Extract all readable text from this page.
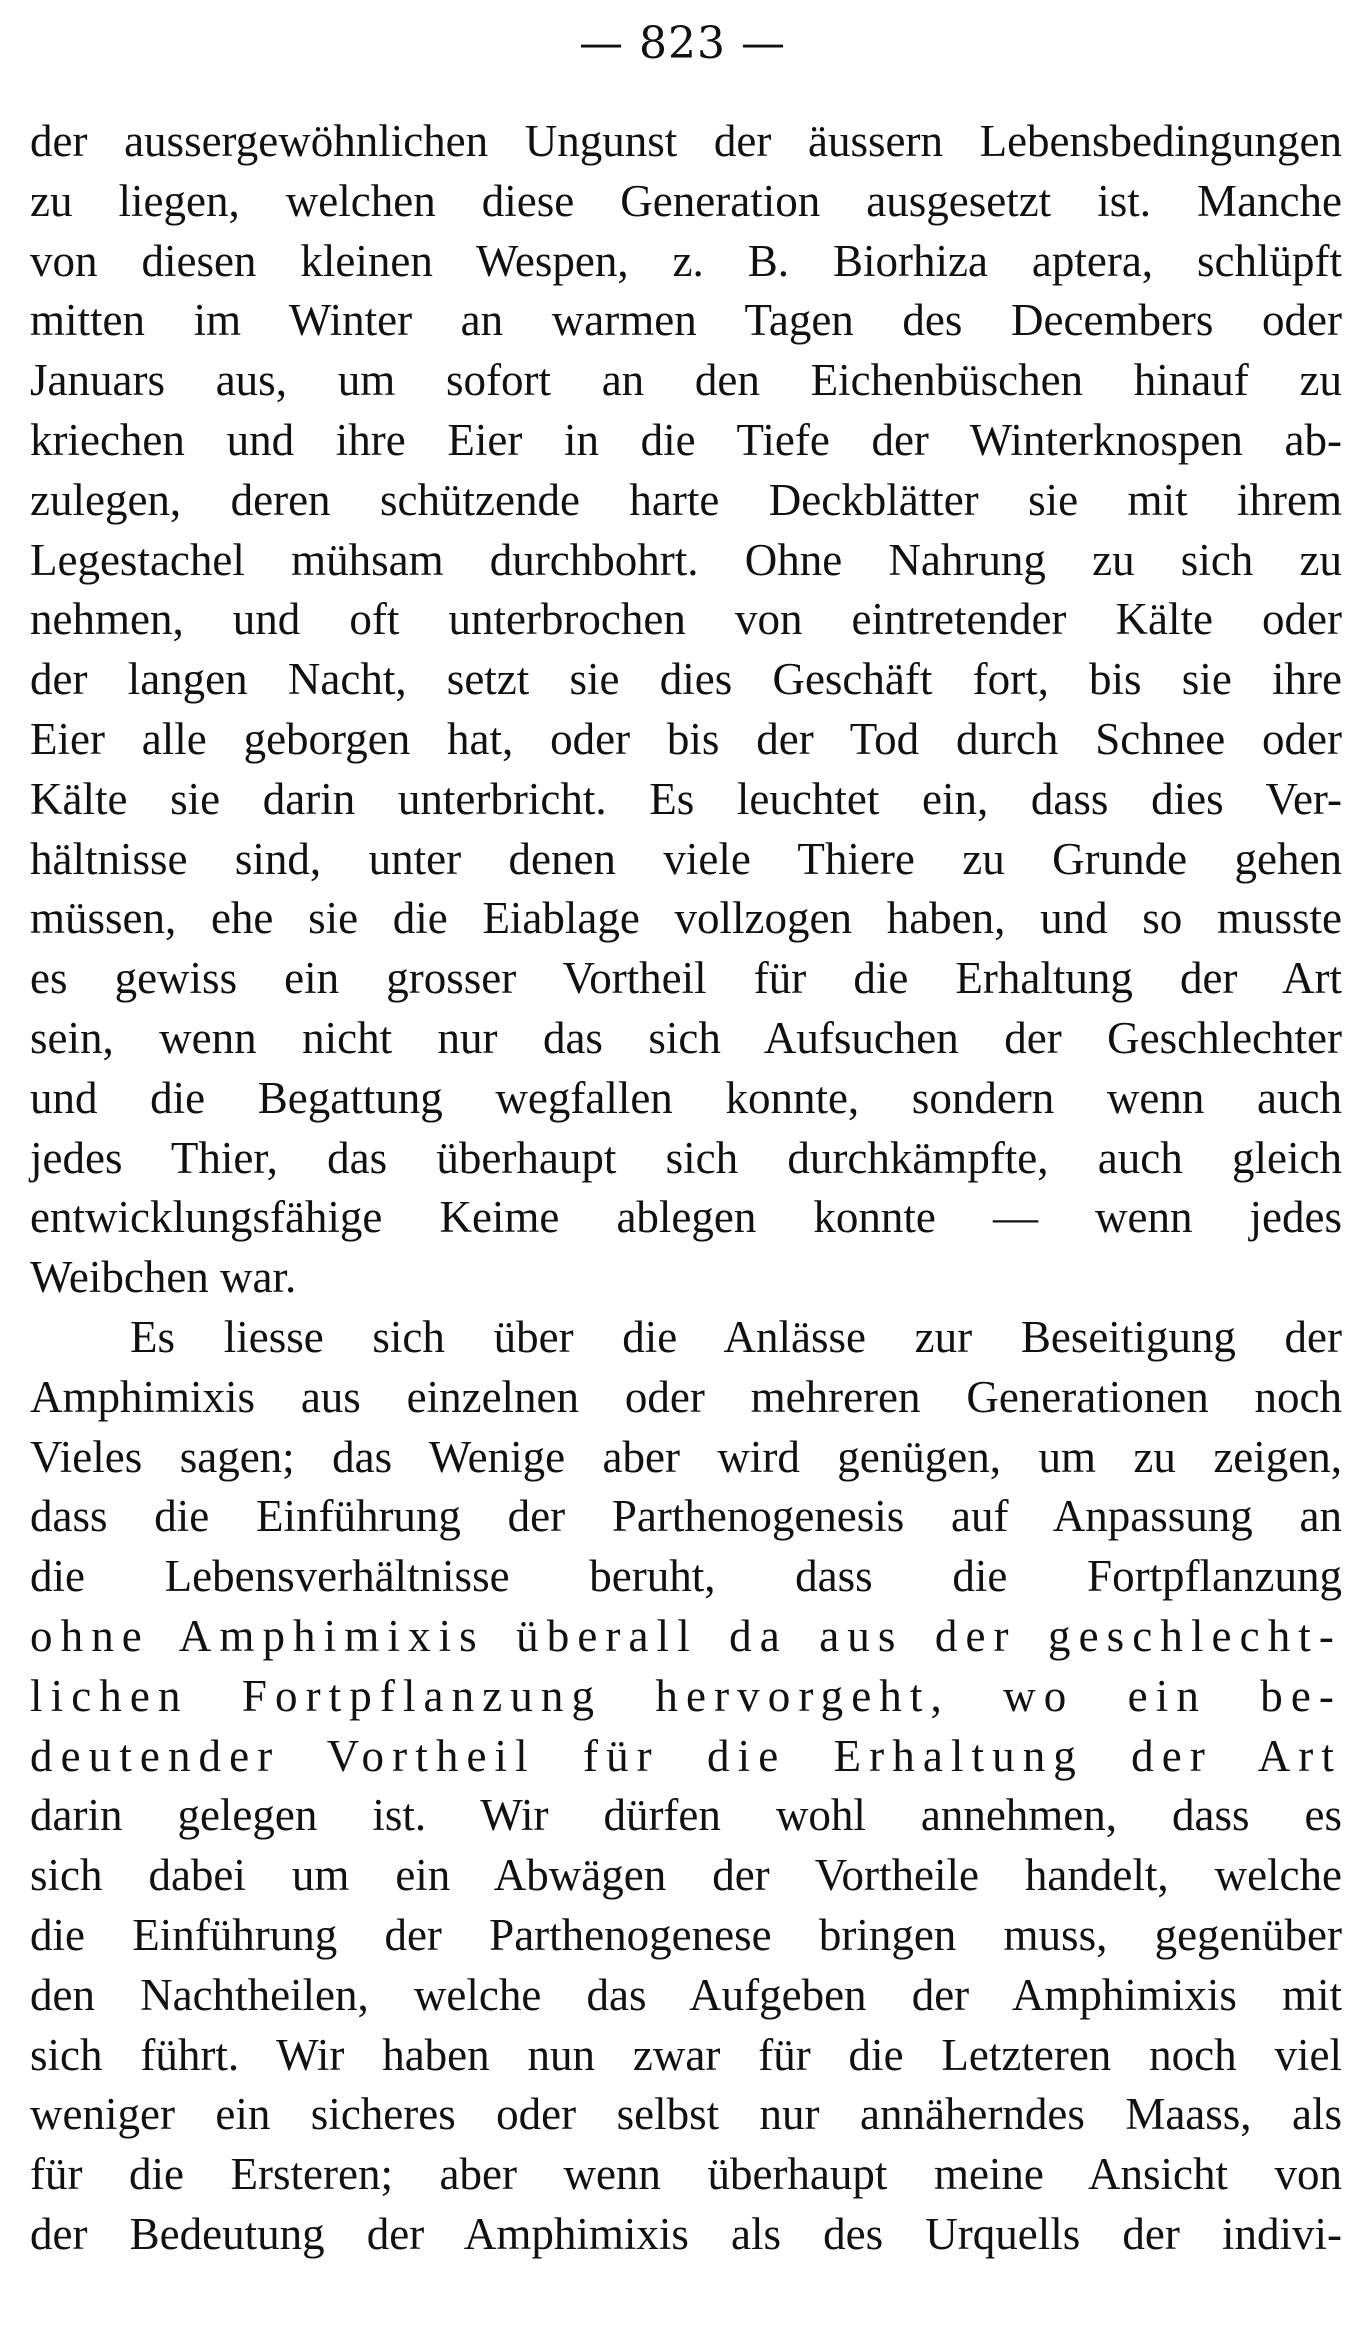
— 823 —
der aussergewöhnlichen Ungunst der äussern Lebensbedingungen
zu liegen, welchen diese Generation ausgesetzt ist. Manche
von diesen kleinen Wespen, z. B. Biorhiza aptera, schlüpft
mitten im Winter an warmen Tagen des Decembers oder
Januars aus, um sofort an den Eichenbüschen hinauf zu
kriechen und ihre Eier in die Tiefe der Winterknospen ab-
zulegen, deren schützende harte Deckblätter sie mit ihrem
Legestachel mühsam durchbohrt. Ohne Nahrung zu sich zu
nehmen, und oft unterbrochen von eintretender Kälte oder
der langen Nacht, setzt sie dies Geschäft fort, bis sie ihre
Eier alle geborgen hat, oder bis der Tod durch Schnee oder
Kälte sie darin unterbricht. Es leuchtet ein, dass dies Ver-
hältnisse sind, unter denen viele Thiere zu Grunde gehen
müssen, ehe sie die Eiablage vollzogen haben, und so musste
es gewiss ein grosser Vortheil für die Erhaltung der Art
sein, wenn nicht nur das sich Aufsuchen der Geschlechter
und die Begattung wegfallen konnte, sondern wenn auch
jedes Thier, das überhaupt sich durchkämpfte, auch gleich
entwicklungsfähige Keime ablegen konnte — wenn jedes
Weibchen war.
Es liesse sich über die Anlässe zur Beseitigung der
Amphimixis aus einzelnen oder mehreren Generationen noch
Vieles sagen; das Wenige aber wird genügen, um zu zeigen,
dass die Einführung der Parthenogenesis auf Anpassung an
die Lebensverhältnisse beruht, dass die Fortpflanzung
ohne Amphimixis überall da aus der geschlecht-
lichen Fortpflanzung hervorgeht, wo ein be-
deutender Vortheil für die Erhaltung der Art
darin gelegen ist. Wir dürfen wohl annehmen, dass es
sich dabei um ein Abwägen der Vortheile handelt, welche
die Einführung der Parthenogenese bringen muss, gegenüber
den Nachtheilen, welche das Aufgeben der Amphimixis mit
sich führt. Wir haben nun zwar für die Letzteren noch viel
weniger ein sicheres oder selbst nur annäherndes Maass, als
für die Ersteren; aber wenn überhaupt meine Ansicht von
der Bedeutung der Amphimixis als des Urquells der indivi-
